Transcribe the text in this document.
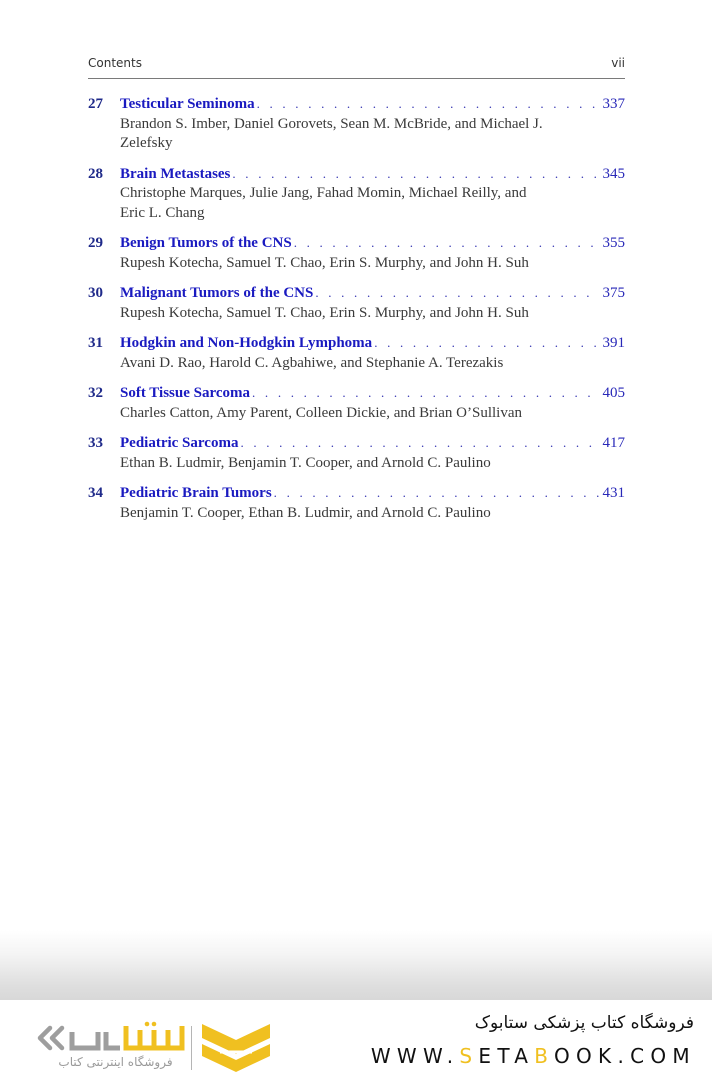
Contents	vii
27	Testicular Seminoma . . .	337
Brandon S. Imber, Daniel Gorovets, Sean M. McBride, and Michael J. Zelefsky
28	Brain Metastases . . .	345
Christophe Marques, Julie Jang, Fahad Momin, Michael Reilly, and Eric L. Chang
29	Benign Tumors of the CNS . . .	355
Rupesh Kotecha, Samuel T. Chao, Erin S. Murphy, and John H. Suh
30	Malignant Tumors of the CNS . . .	375
Rupesh Kotecha, Samuel T. Chao, Erin S. Murphy, and John H. Suh
31	Hodgkin and Non-Hodgkin Lymphoma . . .	391
Avani D. Rao, Harold C. Agbahiwe, and Stephanie A. Terezakis
32	Soft Tissue Sarcoma . . .	405
Charles Catton, Amy Parent, Colleen Dickie, and Brian O’Sullivan
33	Pediatric Sarcoma . . .	417
Ethan B. Ludmir, Benjamin T. Cooper, and Arnold C. Paulino
34	Pediatric Brain Tumors . . .	431
Benjamin T. Cooper, Ethan B. Ludmir, and Arnold C. Paulino
فروشگاه اینترنتی کتاب
فروشگاه کتاب پزشکی ستابوک
WWW.SETABOOK.COM
